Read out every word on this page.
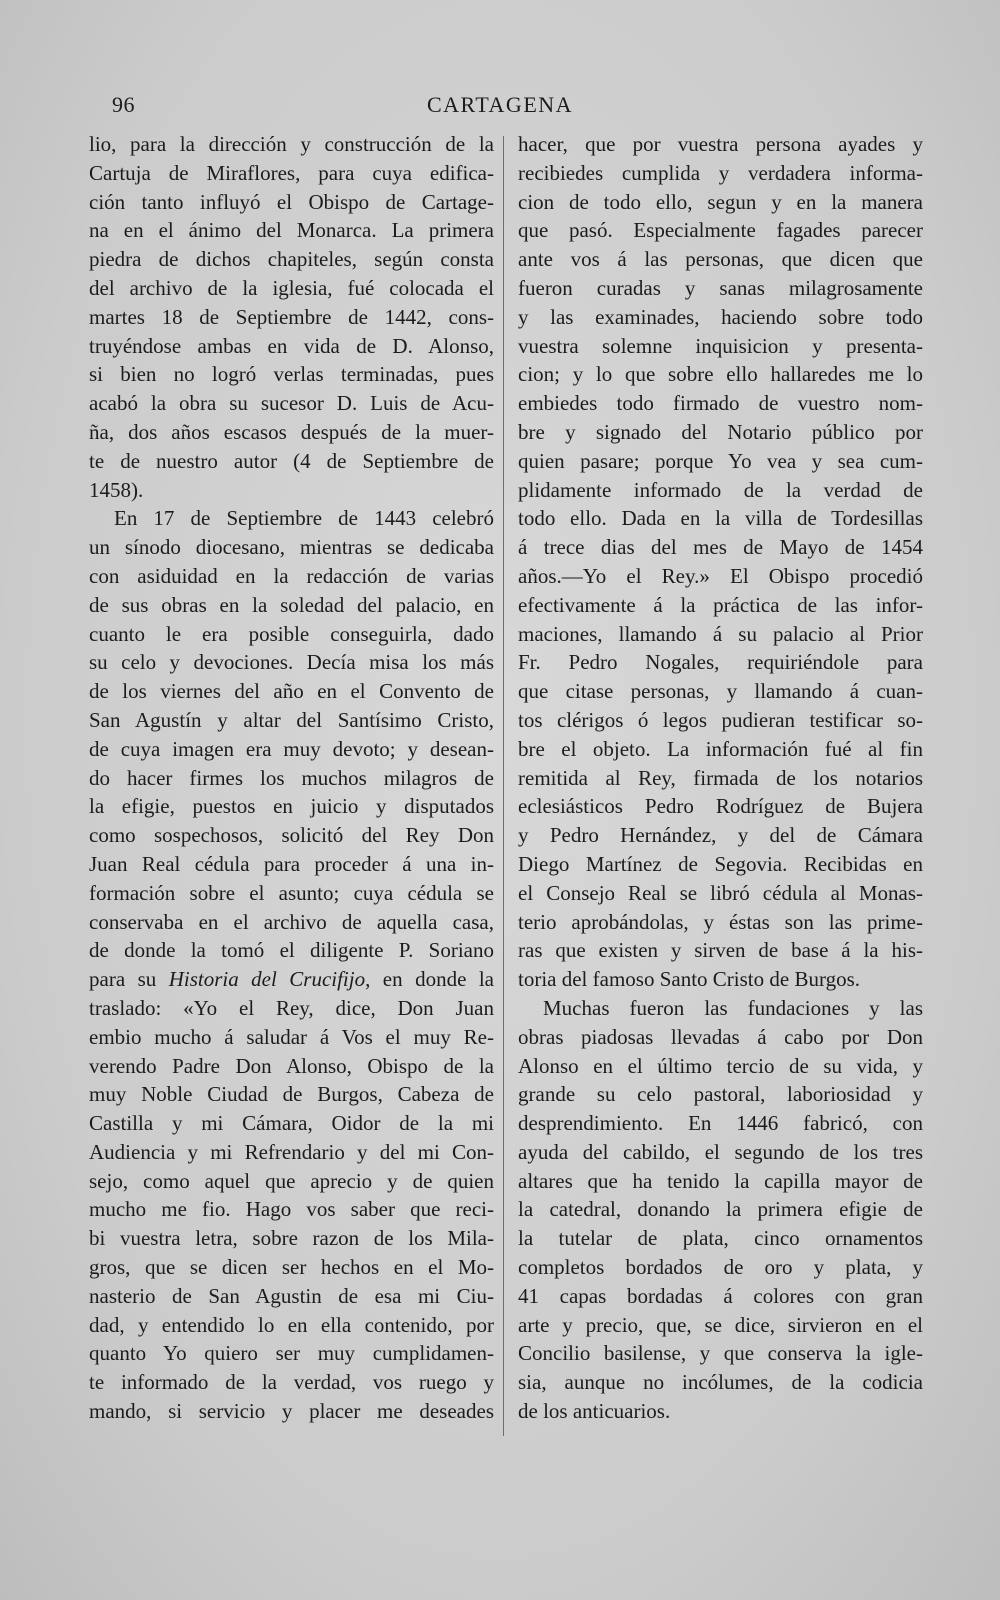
96	CARTAGENA
lio, para la dirección y construcción de la
Cartuja de Miraflores, para cuya edifica-
ción tanto influyó el Obispo de Cartage-
na en el ánimo del Monarca. La primera
piedra de dichos chapiteles, según consta
del archivo de la iglesia, fué colocada el
martes 18 de Septiembre de 1442, cons-
truyéndose ambas en vida de D. Alonso,
si bien no logró verlas terminadas, pues
acabó la obra su sucesor D. Luis de Acu-
ña, dos años escasos después de la muer-
te de nuestro autor (4 de Septiembre de
1458).
En 17 de Septiembre de 1443 celebró
un sínodo diocesano, mientras se dedicaba
con asiduidad en la redacción de varias
de sus obras en la soledad del palacio, en
cuanto le era posible conseguirla, dado
su celo y devociones. Decía misa los más
de los viernes del año en el Convento de
San Agustín y altar del Santísimo Cristo,
de cuya imagen era muy devoto; y desean-
do hacer firmes los muchos milagros de
la efigie, puestos en juicio y disputados
como sospechosos, solicitó del Rey Don
Juan Real cédula para proceder á una in-
formación sobre el asunto; cuya cédula se
conservaba en el archivo de aquella casa,
de donde la tomó el diligente P. Soriano
para su Historia del Crucifijo, en donde la
traslado: «Yo el Rey, dice, Don Juan
embio mucho á saludar á Vos el muy Re-
verendo Padre Don Alonso, Obispo de la
muy Noble Ciudad de Burgos, Cabeza de
Castilla y mi Cámara, Oidor de la mi
Audiencia y mi Refrendario y del mi Con-
sejo, como aquel que aprecio y de quien
mucho me fio. Hago vos saber que reci-
bi vuestra letra, sobre razon de los Mila-
gros, que se dicen ser hechos en el Mo-
nasterio de San Agustin de esa mi Ciu-
dad, y entendido lo en ella contenido, por
quanto Yo quiero ser muy cumplidamen-
te informado de la verdad, vos ruego y
mando, si servicio y placer me deseades
hacer, que por vuestra persona ayades y
recibiedes cumplida y verdadera informa-
cion de todo ello, segun y en la manera
que pasó. Especialmente fagades parecer
ante vos á las personas, que dicen que
fueron curadas y sanas milagrosamente
y las examinades, haciendo sobre todo
vuestra solemne inquisicion y presenta-
cion; y lo que sobre ello hallaredes me lo
embiedes todo firmado de vuestro nom-
bre y signado del Notario público por
quien pasare; porque Yo vea y sea cum-
plidamente informado de la verdad de
todo ello. Dada en la villa de Tordesillas
á trece dias del mes de Mayo de 1454
años.—Yo el Rey.» El Obispo procedió
efectivamente á la práctica de las infor-
maciones, llamando á su palacio al Prior
Fr. Pedro Nogales, requiriéndole para
que citase personas, y llamando á cuan-
tos clérigos ó legos pudieran testificar so-
bre el objeto. La información fué al fin
remitida al Rey, firmada de los notarios
eclesiásticos Pedro Rodríguez de Bujera
y Pedro Hernández, y del de Cámara
Diego Martínez de Segovia. Recibidas en
el Consejo Real se libró cédula al Monas-
terio aprobándolas, y éstas son las prime-
ras que existen y sirven de base á la his-
toria del famoso Santo Cristo de Burgos.
Muchas fueron las fundaciones y las
obras piadosas llevadas á cabo por Don
Alonso en el último tercio de su vida, y
grande su celo pastoral, laboriosidad y
desprendimiento. En 1446 fabricó, con
ayuda del cabildo, el segundo de los tres
altares que ha tenido la capilla mayor de
la catedral, donando la primera efigie de
la tutelar de plata, cinco ornamentos
completos bordados de oro y plata, y
41 capas bordadas á colores con gran
arte y precio, que, se dice, sirvieron en el
Concilio basilense, y que conserva la igle-
sia, aunque no incólumes, de la codicia
de los anticuarios.
